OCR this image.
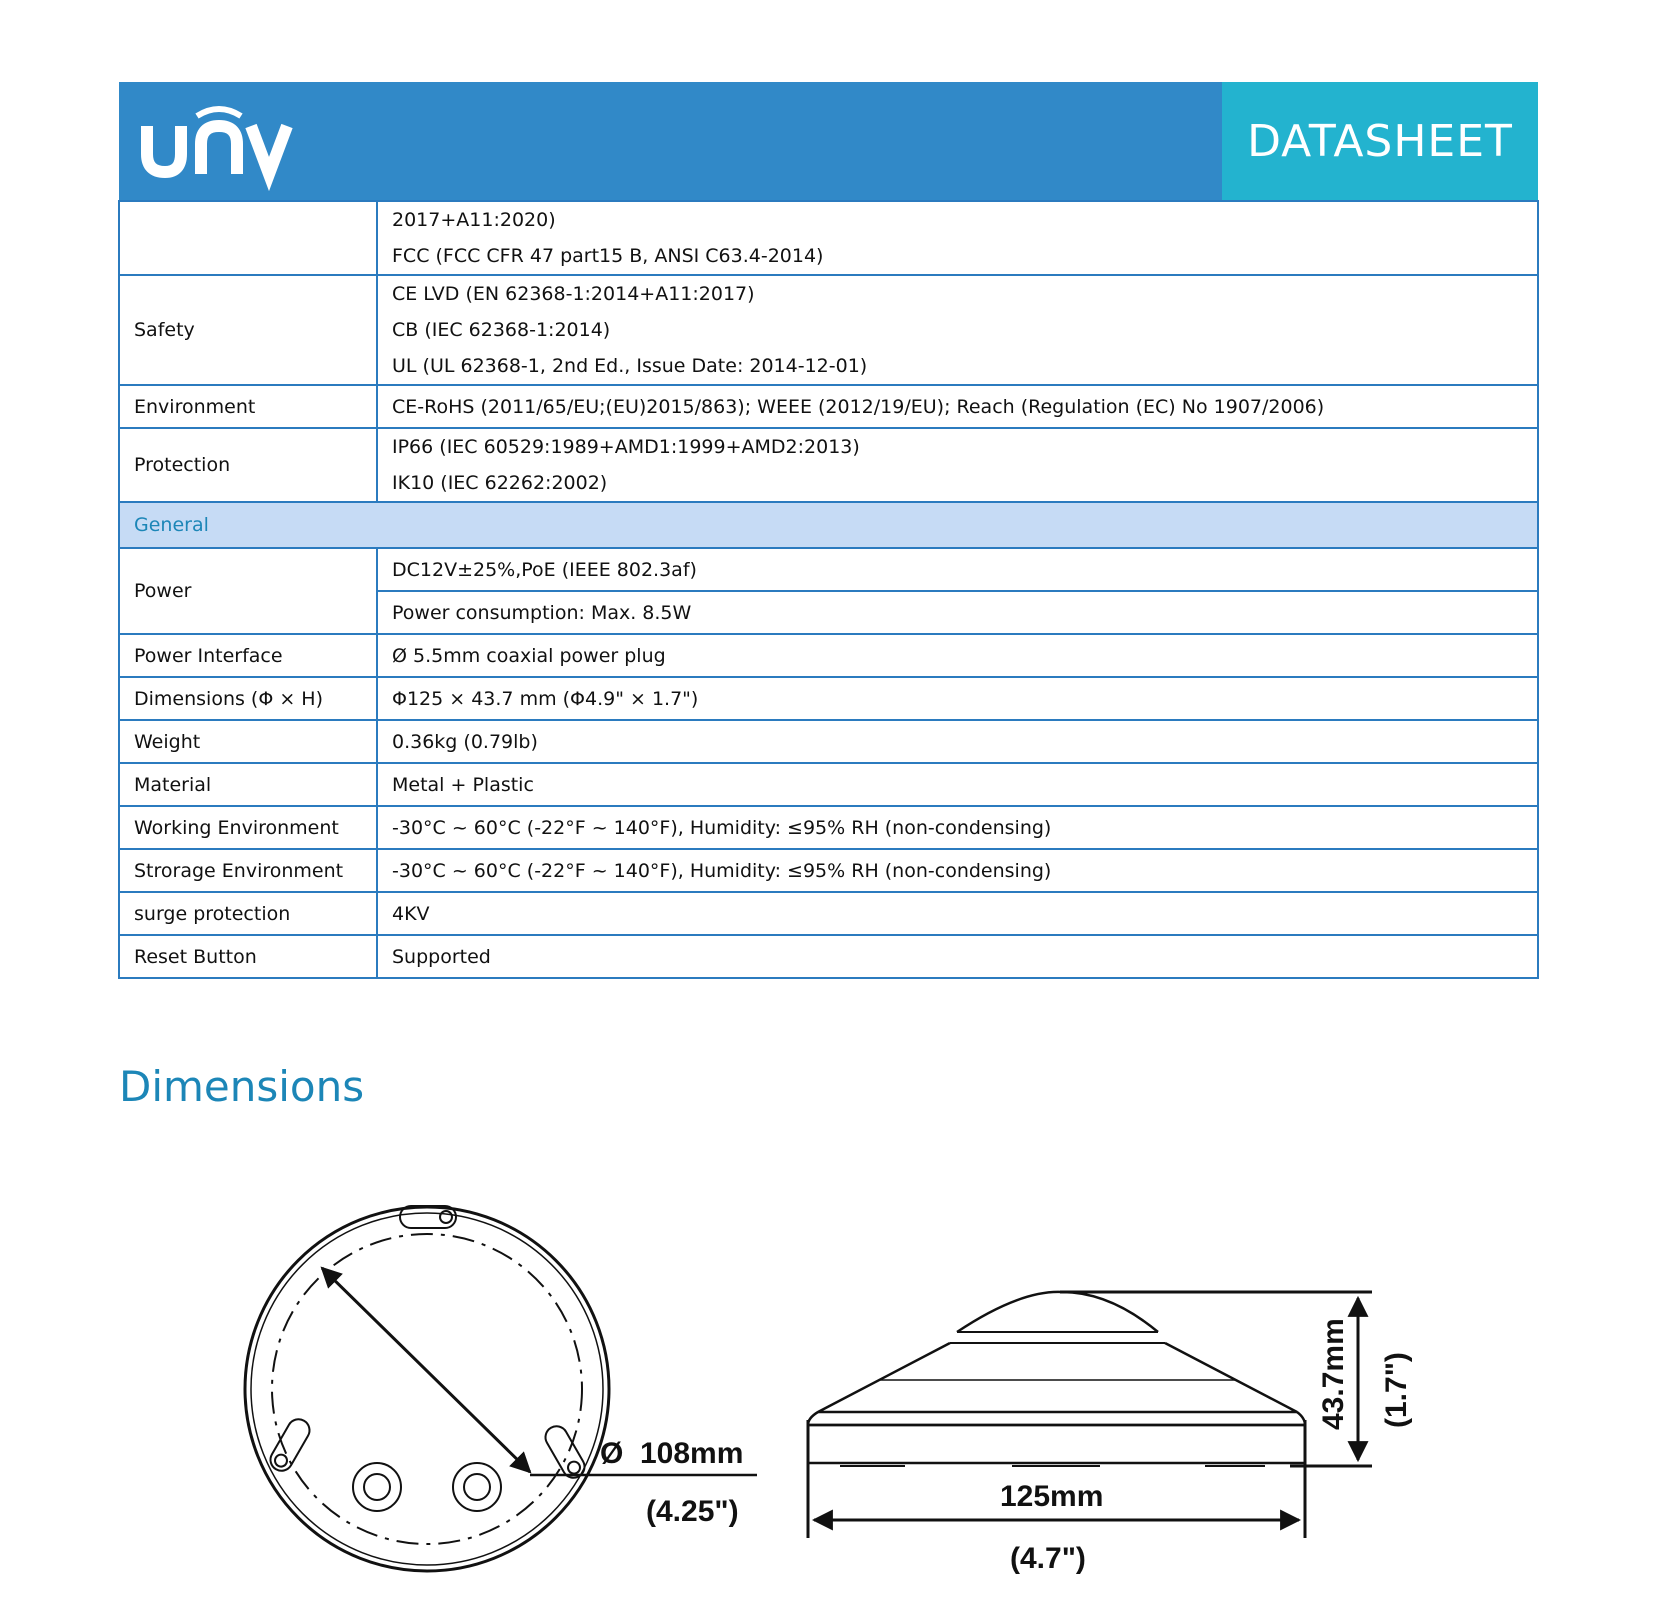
DATASHEET

	2017+A11:2020)
FCC (FCC CFR 47 part15 B, ANSI C63.4-2014)

Safety	CE LVD (EN 62368-1:2014+A11:2017)
CB (IEC 62368-1:2014)
UL (UL 62368-1, 2nd Ed., Issue Date: 2014-12-01)

Environment	CE-RoHS (2011/65/EU;(EU)2015/863); WEEE (2012/19/EU); Reach (Regulation (EC) No 1907/2006)
Protection	IP66 (IEC 60529:1989+AMD1:1999+AMD2:2013)
IK10 (IEC 62262:2002)

General	
Power	DC12V±25%,PoE (IEEE 802.3af)
	Power consumption: Max. 8.5W
Power Interface	Ø 5.5mm coaxial power plug
Dimensions (Φ × H)	Φ125 × 43.7 mm (Φ4.9" × 1.7")
Weight	0.36kg (0.79lb)
Material	Metal + Plastic
Working Environment	-30°C ~ 60°C (-22°F ~ 140°F), Humidity: ≤95% RH (non-condensing)
Strorage Environment	-30°C ~ 60°C (-22°F ~ 140°F), Humidity: ≤95% RH (non-condensing)
surge protection	4KV
Reset Button	Supported
Dimensions
Ø 108mm
(4.25")	125mm
(4.7")
43.7mm (1.7")
